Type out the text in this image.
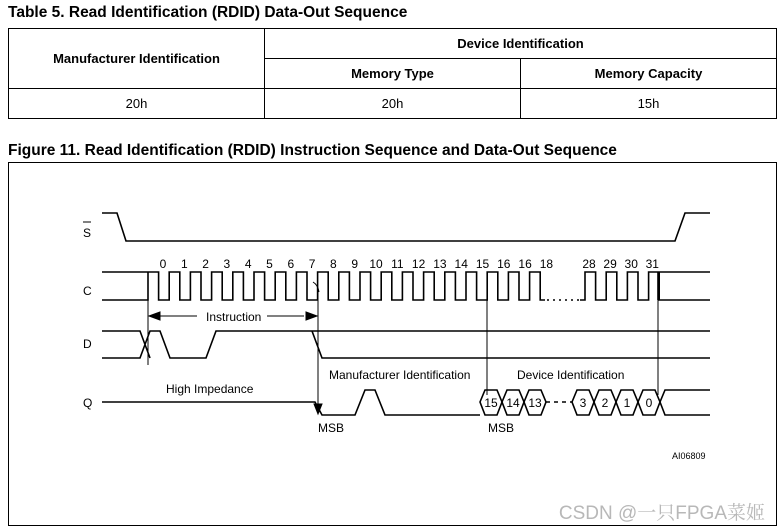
Table 5. Read Identification (RDID) Data-Out Sequence
Manufacturer Identification	Device Identification	
	Memory Type	Memory Capacity
20h	20h	15h
Figure 11. Read Identification (RDID) Instruction Sequence and Data-Out Sequence
S
C
D
Q
Instruction
High Impedance
Manufacturer Identification	Device Identification
MSB	MSB
AI06809
0 1 2 3 4 5 6 7 8 9 10 11 12 13 14 15 16 16 18 28 29 30 31
15 14 13	3 2 1 0
CSDN @一只FPGA菜姬
